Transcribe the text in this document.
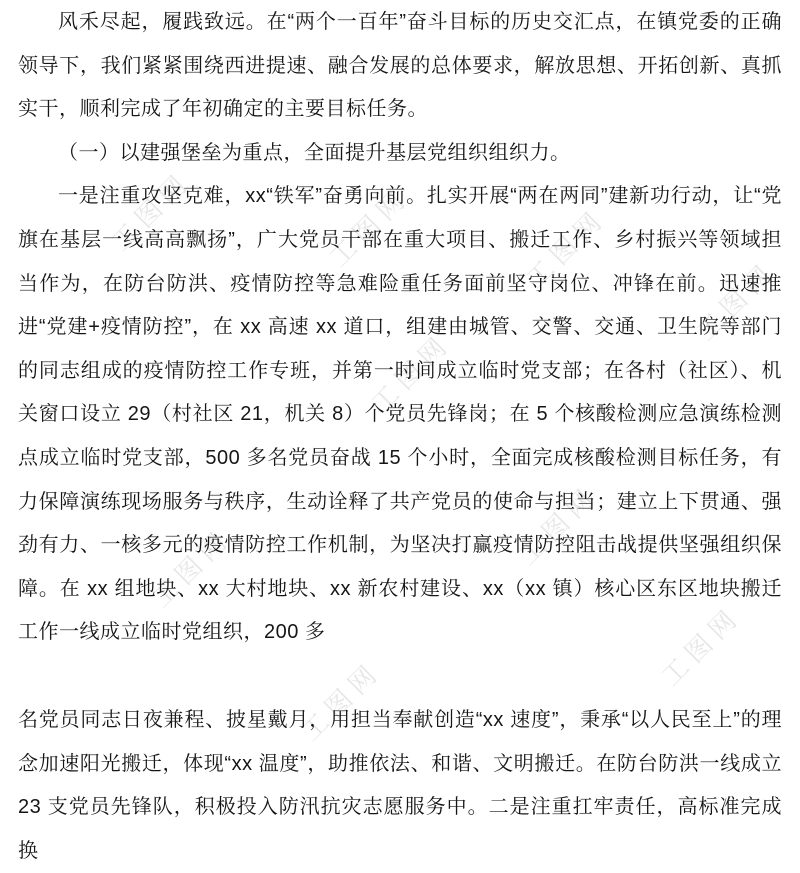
工图网	工图网	工图网
工图网
工图网
工图网	工图网
工图网
工图网

风禾尽起，履践致远。在“两个一百年”奋斗目标的历史交汇点，在镇党委的正确领导下，我们紧紧围绕西进提速、融合发展的总体要求，解放思想、开拓创新、真抓实干，顺利完成了年初确定的主要目标任务。

（一）以建强堡垒为重点，全面提升基层党组织组织力。

一是注重攻坚克难，xx“铁军”奋勇向前。扎实开展“两在两同”建新功行动，让“党旗在基层一线高高飘扬”，广大党员干部在重大项目、搬迁工作、乡村振兴等领域担当作为，在防台防洪、疫情防控等急难险重任务面前坚守岗位、冲锋在前。迅速推进“党建+疫情防控”，在 xx 高速 xx 道口，组建由城管、交警、交通、卫生院等部门的同志组成的疫情防控工作专班，并第一时间成立临时党支部；在各村（社区）、机关窗口设立 29（村社区 21，机关 8）个党员先锋岗；在 5 个核酸检测应急演练检测点成立临时党支部，500 多名党员奋战 15 个小时，全面完成核酸检测目标任务，有力保障演练现场服务与秩序，生动诠释了共产党员的使命与担当；建立上下贯通、强劲有力、一核多元的疫情防控工作机制，为坚决打赢疫情防控阻击战提供坚强组织保障。在 xx 组地块、xx 大村地块、xx 新农村建设、xx（xx 镇）核心区东区地块搬迁工作一线成立临时党组织，200 多

名党员同志日夜兼程、披星戴月，用担当奉献创造“xx 速度”，秉承“以人民至上”的理念加速阳光搬迁，体现“xx 温度”，助推依法、和谐、文明搬迁。在防台防洪一线成立 23 支党员先锋队，积极投入防汛抗灾志愿服务中。二是注重扛牢责任，高标准完成换
